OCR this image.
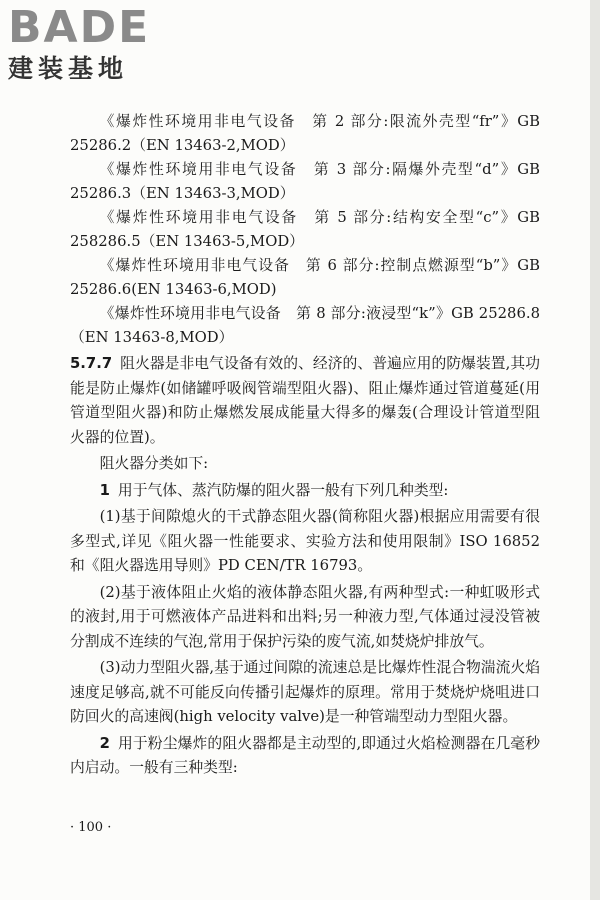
BADE
建装基地
《爆炸性环境用非电气设备　第 2 部分:限流外壳型“fr”》GB 25286.2（EN 13463-2,MOD）
《爆炸性环境用非电气设备　第 3 部分:隔爆外壳型“d”》GB 25286.3（EN 13463-3,MOD）
《爆炸性环境用非电气设备　第 5 部分:结构安全型“c”》GB 258286.5（EN 13463-5,MOD）
《爆炸性环境用非电气设备　第 6 部分:控制点燃源型“b”》GB 25286.6(EN 13463-6,MOD)
《爆炸性环境用非电气设备　第 8 部分:液浸型“k”》GB 25286.8（EN 13463-8,MOD）
5.7.7 阻火器是非电气设备有效的、经济的、普遍应用的防爆装置,其功能是防止爆炸(如储罐呼吸阀管端型阻火器)、阻止爆炸通过管道蔓延(用管道型阻火器)和防止爆燃发展成能量大得多的爆轰(合理设计管道型阻火器的位置)。
阻火器分类如下:
1 用于气体、蒸汽防爆的阻火器一般有下列几种类型:
(1)基于间隙熄火的干式静态阻火器(简称阻火器)根据应用需要有很多型式,详见《阻火器一性能要求、实验方法和使用限制》ISO 16852 和《阻火器选用导则》PD CEN/TR 16793。
(2)基于液体阻止火焰的液体静态阻火器,有两种型式:一种虹吸形式的液封,用于可燃液体产品进料和出料;另一种液力型,气体通过浸没管被分割成不连续的气泡,常用于保护污染的废气流,如焚烧炉排放气。
(3)动力型阻火器,基于通过间隙的流速总是比爆炸性混合物湍流火焰速度足够高,就不可能反向传播引起爆炸的原理。常用于焚烧炉烧咀进口防回火的高速阀(high velocity valve)是一种管端型动力型阻火器。
2 用于粉尘爆炸的阻火器都是主动型的,即通过火焰检测器在几毫秒内启动。一般有三种类型:
· 100 ·
